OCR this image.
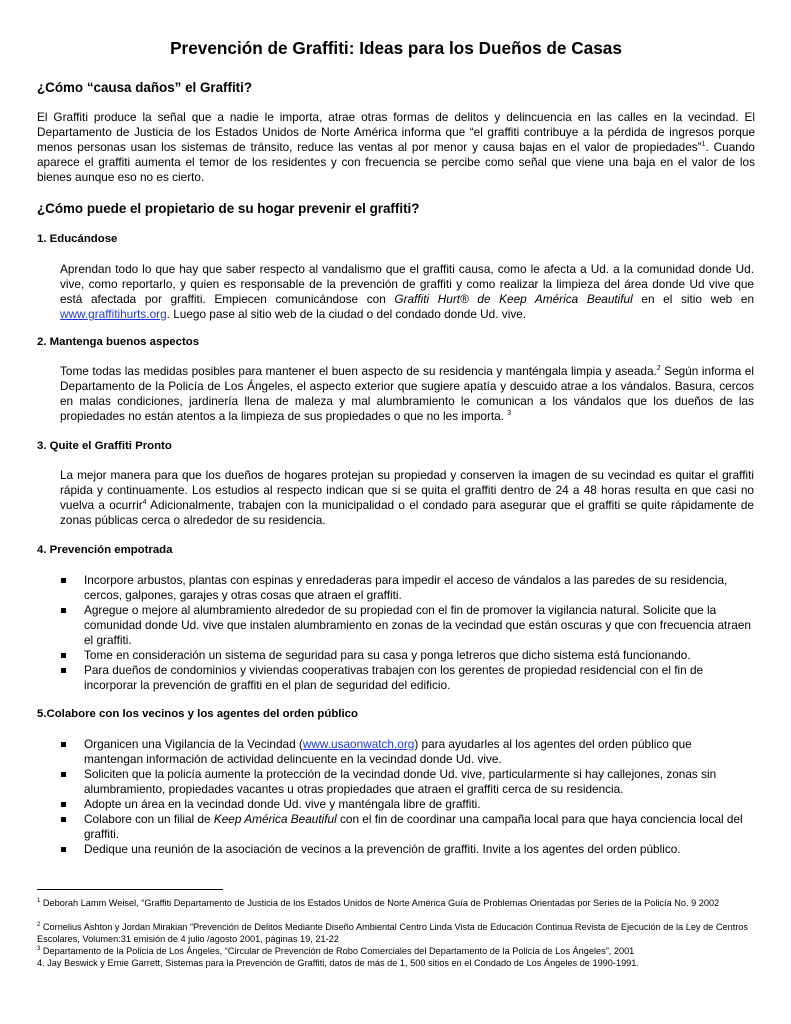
Prevención de Graffiti: Ideas para los Dueños de Casas
¿Cómo “causa daños” el Graffiti?
El Graffiti produce la señal que a nadie le importa, atrae otras formas de delitos y delincuencia en las calles en la vecindad. El Departamento de Justicia de los Estados Unidos de Norte América informa que “el graffiti contribuye a la pérdida de ingresos porque menos personas usan los sistemas de tránsito, reduce las ventas al por menor y causa bajas en el valor de propiedades”$^1$. Cuando aparece el graffiti aumenta el temor de los residentes y con frecuencia se percibe como señal que viene una baja en el valor de los bienes aunque eso no es cierto.
¿Cómo puede el propietario de su hogar prevenir el graffiti?
1. Educándose
Aprendan todo lo que hay que saber respecto al vandalismo que el graffiti causa, como le afecta a Ud. a la comunidad donde Ud. vive, como reportarlo, y quien es responsable de la prevención de graffiti y como realizar la limpieza del área donde Ud vive que está afectada por graffiti. Empiecen comunicándose con Graffiti Hurt® de Keep América Beautiful en el sitio web en www.graffitihurts.org. Luego pase al sitio web de la ciudad o del condado donde Ud. vive.
2. Mantenga buenos aspectos
Tome todas las medidas posibles para mantener el buen aspecto de su residencia y manténgala limpia y aseada.$^2$ Según informa el Departamento de la Policía de Los Ángeles, el aspecto exterior que sugiere apatía y descuido atrae a los vándalos. Basura, cercos en malas condiciones, jardinería llena de maleza y mal alumbramiento le comunican a los vándalos que los dueños de las propiedades no están atentos a la limpieza de sus propiedades o que no les importa. $^3$
3. Quite el Graffiti Pronto
La mejor manera para que los dueños de hogares protejan su propiedad y conserven la imagen de su vecindad es quitar el graffiti rápida y continuamente. Los estudios al respecto indican que si se quita el graffiti dentro de 24 a 48 horas resulta en que casi no vuelva a ocurrir$^4$ Adicionalmente, trabajen con la municipalidad o el condado para asegurar que el graffiti se quite rápidamente de zonas públicas cerca o alrededor de su residencia.
4. Prevención empotrada
Incorpore arbustos, plantas con espinas y enredaderas para impedir el acceso de vándalos a las paredes de su residencia, cercos, galpones, garajes y otras cosas que atraen el graffiti.
Agregue o mejore al alumbramiento alrededor de su propiedad con el fin de promover la vigilancia natural. Solicite que la comunidad donde Ud. vive que instalen alumbramiento en zonas de la vecindad que están oscuras y que con frecuencia atraen el graffiti.
Tome en consideración un sistema de seguridad para su casa y ponga letreros que dicho sistema está funcionando.
Para dueños de condominios y viviendas cooperativas trabajen con los gerentes de propiedad residencial con el fin de incorporar la prevención de graffiti en el plan de seguridad del edificio.
5.Colabore con los vecinos y los agentes del orden público
Organicen una Vigilancia de la Vecindad (www.usaonwatch.org) para ayudarles al los agentes del orden público que mantengan información de actividad delincuente en la vecindad donde Ud. vive.
Soliciten que la policía aumente la protección de la vecindad donde Ud. vive, particularmente si hay callejones, zonas sin alumbramiento, propiedades vacantes u otras propiedades que atraen el graffiti cerca de su residencia.
Adopte un área en la vecindad donde Ud. vive y manténgala libre de graffiti.
Colabore con un filial de Keep América Beautiful con el fin de coordinar una campaña local para que haya conciencia local del graffiti.
Dedique una reunión de la asociación de vecinos a la prevención de graffiti. Invite a los agentes del orden público.
$^1$ Deborah Lamm Weisel, “Graffiti Departamento de Justicia de los Estados Unidos de Norte América Guía de Problemas Orientadas por Series de la Policía No. 9 2002
$^2$ Cornelius Ashton y Jordan Mirakian “Prevención de Delitos Mediante Diseño Ambiental Centro Linda Vista de Educación Continua Revista de Ejecución de la Ley de Centros Escolares, Volumen:31 emisión de 4 julio /agosto 2001, páginas 19, 21-22
$^3$ Departamento de la Policía de Los Ángeles, “Circular de Prevención de Robo Comerciales del Departamento de la Policía de Los Ángeles”, 2001
4. Jay Beswick y Ernie Garrett, Sistemas para la Prevención de Graffiti, datos de más de 1, 500 sitios en el Condado de Los Ángeles de 1990-1991.
